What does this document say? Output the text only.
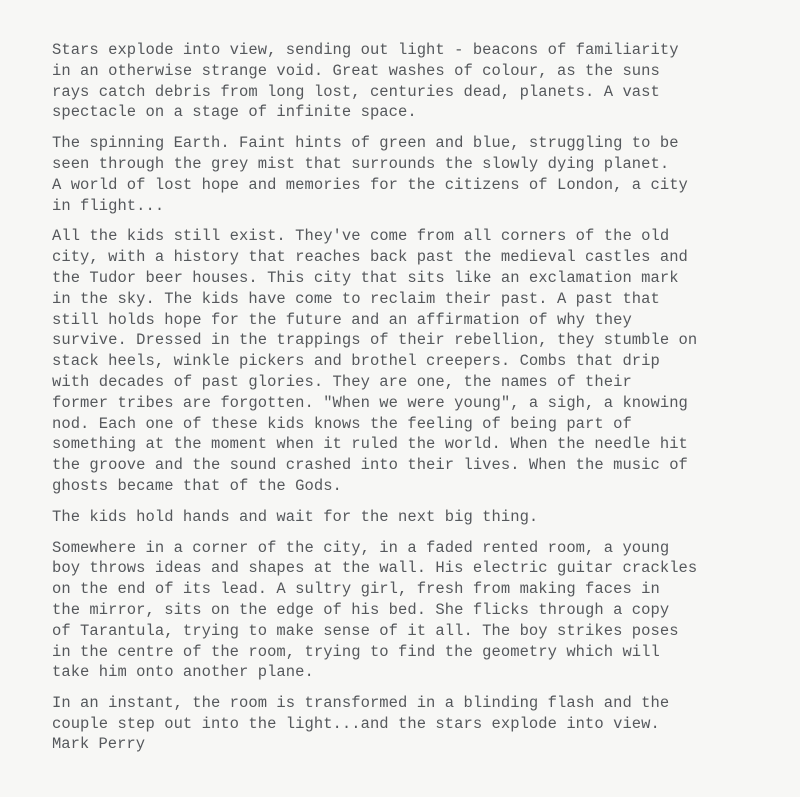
Stars explode into view, sending out light - beacons of familiarity
in an otherwise strange void. Great washes of colour, as the suns
rays catch debris from long lost, centuries dead, planets. A vast
spectacle on a stage of infinite space.

The spinning Earth. Faint hints of green and blue, struggling to be
seen through the grey mist that surrounds the slowly dying planet.
A world of lost hope and memories for the citizens of London, a city
in flight...

All the kids still exist. They've come from all corners of the old
city, with a history that reaches back past the medieval castles and
the Tudor beer houses. This city that sits like an exclamation mark
in the sky. The kids have come to reclaim their past. A past that
still holds hope for the future and an affirmation of why they
survive. Dressed in the trappings of their rebellion, they stumble on
stack heels, winkle pickers and brothel creepers. Combs that drip
with decades of past glories. They are one, the names of their
former tribes are forgotten. "When we were young", a sigh, a knowing
nod. Each one of these kids knows the feeling of being part of
something at the moment when it ruled the world. When the needle hit
the groove and the sound crashed into their lives. When the music of
ghosts became that of the Gods.

The kids hold hands and wait for the next big thing.

Somewhere in a corner of the city, in a faded rented room, a young
boy throws ideas and shapes at the wall. His electric guitar crackles
on the end of its lead. A sultry girl, fresh from making faces in
the mirror, sits on the edge of his bed. She flicks through a copy
of Tarantula, trying to make sense of it all. The boy strikes poses
in the centre of the room, trying to find the geometry which will
take him onto another plane.

In an instant, the room is transformed in a blinding flash and the
couple step out into the light...and the stars explode into view.

Mark Perry
